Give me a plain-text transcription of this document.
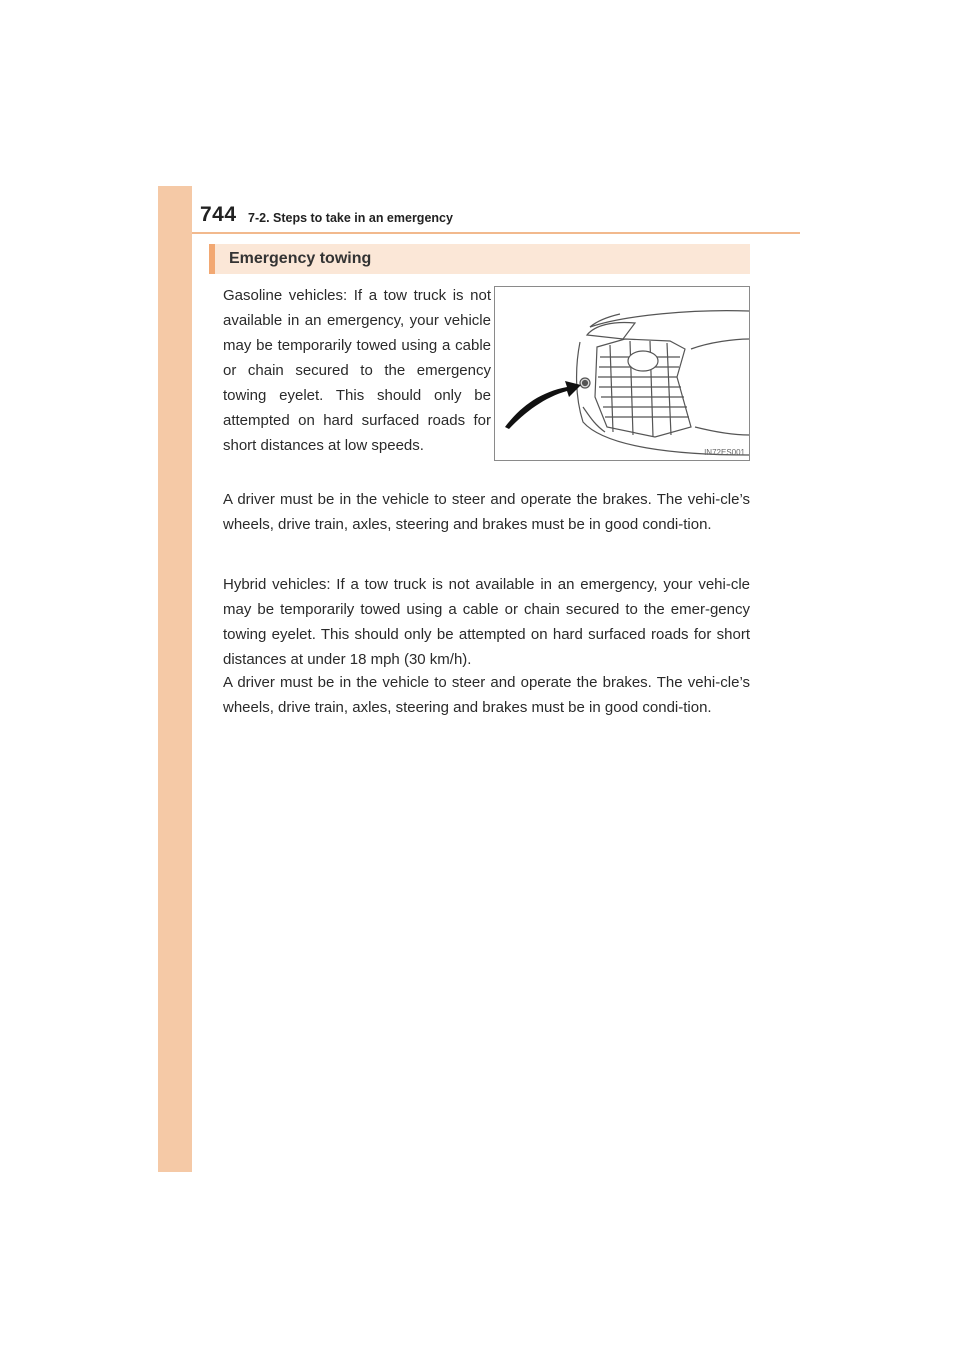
744 7-2. Steps to take in an emergency
Emergency towing
Gasoline vehicles: If a tow truck is not available in an emergency, your vehicle may be temporarily towed using a cable or chain secured to the emergency towing eyelet. This should only be attempted on hard surfaced roads for short distances at low speeds.	IN72ES001
A driver must be in the vehicle to steer and operate the brakes. The vehi-cle’s wheels, drive train, axles, steering and brakes must be in good condi-tion.
Hybrid vehicles: If a tow truck is not available in an emergency, your vehi-cle may be temporarily towed using a cable or chain secured to the emer-gency towing eyelet. This should only be attempted on hard surfaced roads for short distances at under 18 mph (30 km/h).
A driver must be in the vehicle to steer and operate the brakes. The vehi-cle’s wheels, drive train, axles, steering and brakes must be in good condi-tion.
